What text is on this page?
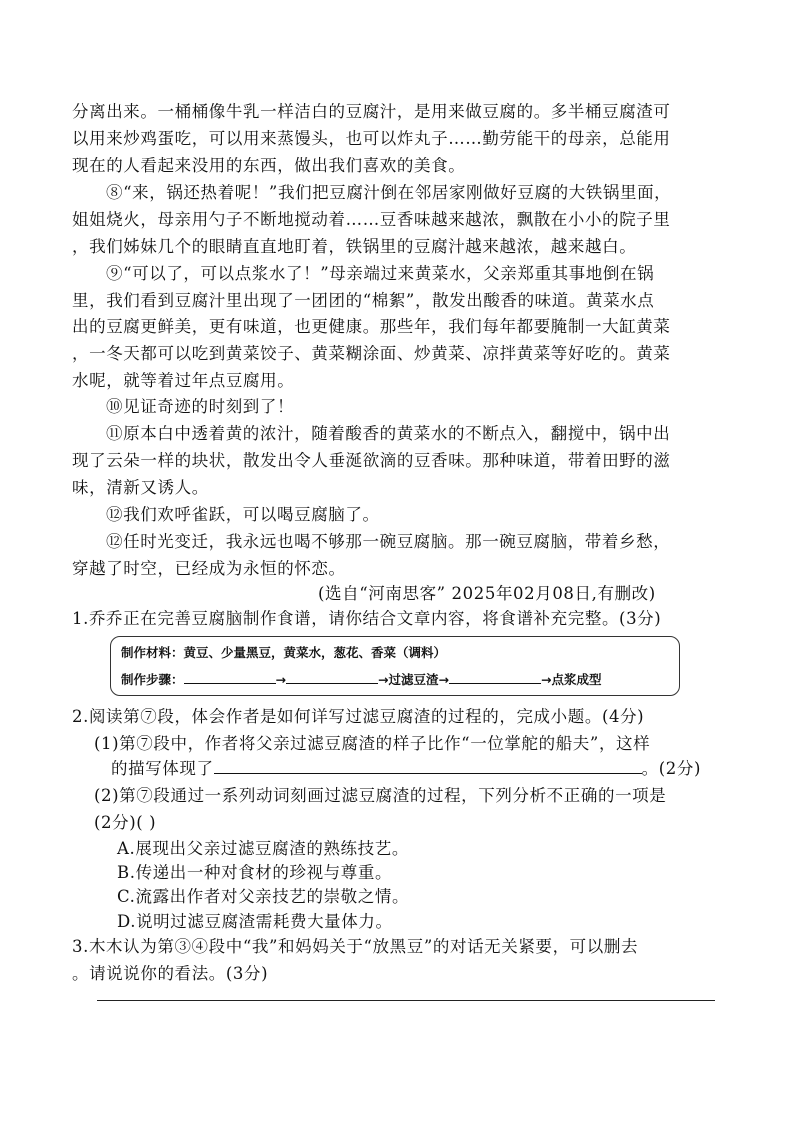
分离出来。一桶桶像牛乳一样洁白的豆腐汁，是用来做豆腐的。多半桶豆腐渣可
以用来炒鸡蛋吃，可以用来蒸馒头，也可以炸丸子……勤劳能干的母亲，总能用
现在的人看起来没用的东西，做出我们喜欢的美食。
⑧“来，锅还热着呢！”我们把豆腐汁倒在邻居家刚做好豆腐的大铁锅里面，
姐姐烧火，母亲用勺子不断地搅动着……豆香味越来越浓，飘散在小小的院子里
，我们姊妹几个的眼睛直直地盯着，铁锅里的豆腐汁越来越浓，越来越白。
⑨“可以了，可以点浆水了！”母亲端过来黄菜水，父亲郑重其事地倒在锅
里，我们看到豆腐汁里出现了一团团的“棉絮”，散发出酸香的味道。黄菜水点
出的豆腐更鲜美，更有味道，也更健康。那些年，我们每年都要腌制一大缸黄菜
，一冬天都可以吃到黄菜饺子、黄菜糊涂面、炒黄菜、凉拌黄菜等好吃的。黄菜
水呢，就等着过年点豆腐用。
⑩见证奇迹的时刻到了！
⑪原本白中透着黄的浓汁，随着酸香的黄菜水的不断点入，翻搅中，锅中出
现了云朵一样的块状，散发出令人垂涎欲滴的豆香味。那种味道，带着田野的滋
味，清新又诱人。
⑫我们欢呼雀跃，可以喝豆腐脑了。
⑫任时光变迁，我永远也喝不够那一碗豆腐脑。那一碗豆腐脑，带着乡愁，
穿越了时空，已经成为永恒的怀恋。
(选自“河南思客” 2025年02月08日,有删改)
1.乔乔正在完善豆腐脑制作食谱，请你结合文章内容，将食谱补充完整。(3分)
制作材料：黄豆、少量黑豆，黄菜水，葱花、香菜（调料）
制作步骤：	→	→过滤豆渣→	→点浆成型
2.阅读第⑦段，体会作者是如何详写过滤豆腐渣的过程的，完成小题。(4分)
(1)第⑦段中，作者将父亲过滤豆腐渣的样子比作“一位掌舵的船夫”，这样
的描写体现了	。(2分)
(2)第⑦段通过一系列动词刻画过滤豆腐渣的过程，下列分析不正确的一项是
(2分)( )
A.展现出父亲过滤豆腐渣的熟练技艺。
B.传递出一种对食材的珍视与尊重。
C.流露出作者对父亲技艺的崇敬之情。
D.说明过滤豆腐渣需耗费大量体力。
3.木木认为第③④段中“我”和妈妈关于“放黑豆”的对话无关紧要，可以删去
。请说说你的看法。(3分)
